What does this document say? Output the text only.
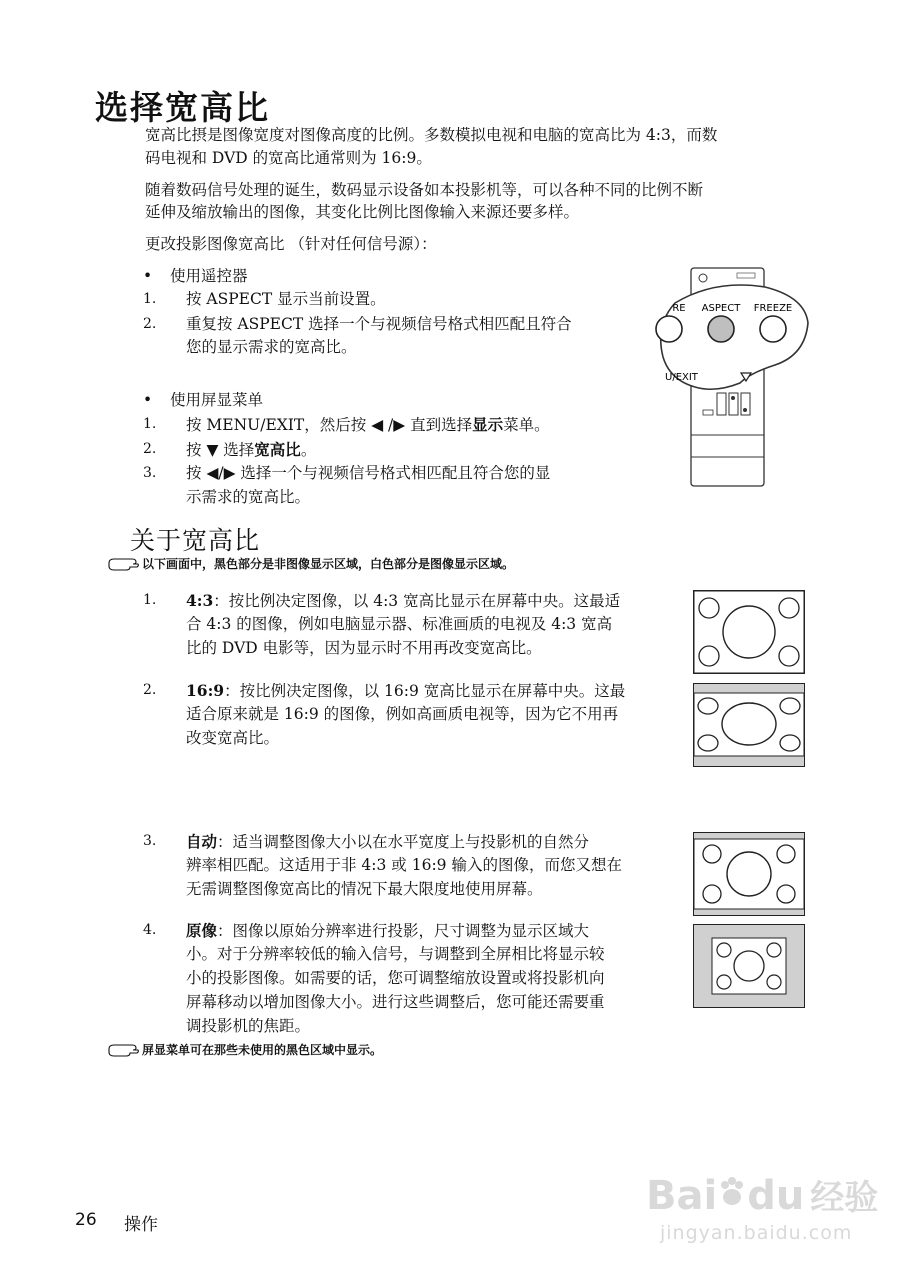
选择宽高比
宽高比摂是图像宽度对图像高度的比例。多数模拟电视和电脑的宽高比为 4:3，而数
码电视和 DVD 的宽高比通常则为 16:9。
随着数码信号处理的诞生，数码显示设备如本投影机等，可以各种不同的比例不断
延伸及缩放输出的图像，其变化比例比图像输入来源还要多样。
更改投影图像宽高比 （针对任何信号源）：
• 使用遥控器
1. 按 ASPECT 显示当前设置。
2. 重复按 ASPECT 选择一个与视频信号格式相匹配且符合
您的显示需求的宽高比。
• 使用屏显菜单
1. 按 MENU/EXIT，然后按 ◀ /▶ 直到选择显示菜单。
2. 按 ▼ 选择宽高比。
3. 按 ◀/▶ 选择一个与视频信号格式相匹配且符合您的显
示需求的宽高比。
ASPECT FREEZE
RE
U/EXIT
关于宽高比
以下画面中，黑色部分是非图像显示区域，白色部分是图像显示区域。
1. 4:3：按比例决定图像，以 4:3 宽高比显示在屏幕中央。这最适
合 4:3 的图像，例如电脑显示器、标准画质的电视及 4:3 宽高
比的 DVD 电影等，因为显示时不用再改变宽高比。
2. 16:9：按比例决定图像，以 16:9 宽高比显示在屏幕中央。这最
适合原来就是 16:9 的图像，例如高画质电视等，因为它不用再
改变宽高比。
3. 自动：适当调整图像大小以在水平宽度上与投影机的自然分
辨率相匹配。这适用于非 4:3 或 16:9 输入的图像，而您又想在
无需调整图像宽高比的情况下最大限度地使用屏幕。
4. 原像：图像以原始分辨率进行投影，尺寸调整为显示区域大
小。对于分辨率较低的输入信号，与调整到全屏相比将显示较
小的投影图像。如需要的话，您可调整缩放设置或将投影机向
屏幕移动以增加图像大小。进行这些调整后，您可能还需要重
调投影机的焦距。
屏显菜单可在那些未使用的黑色区域中显示。
26 操作
Bai du 经验
jingyan.baidu.com
